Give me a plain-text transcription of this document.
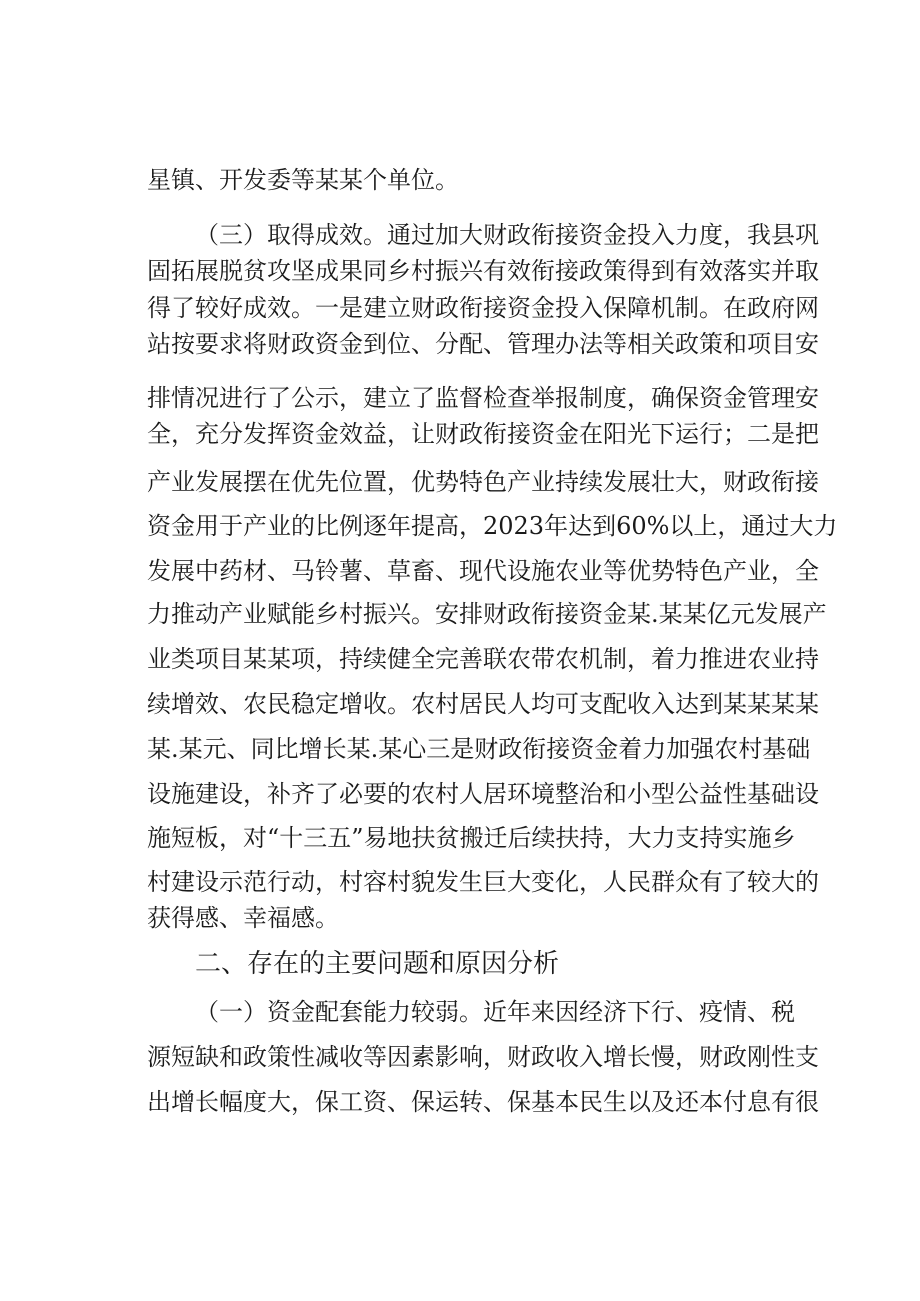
星镇、开发委等某某个单位。
（三）取得成效。通过加大财政衔接资金投入力度，我县巩
固拓展脱贫攻坚成果同乡村振兴有效衔接政策得到有效落实并取
得了较好成效。一是建立财政衔接资金投入保障机制。在政府网
站按要求将财政资金到位、分配、管理办法等相关政策和项目安
排情况进行了公示，建立了监督检查举报制度，确保资金管理安
全，充分发挥资金效益，让财政衔接资金在阳光下运行；二是把
产业发展摆在优先位置，优势特色产业持续发展壮大，财政衔接
资金用于产业的比例逐年提高，2023年达到60%以上，通过大力
发展中药材、马铃薯、草畜、现代设施农业等优势特色产业，全
力推动产业赋能乡村振兴。安排财政衔接资金某.某某亿元发展产
业类项目某某项，持续健全完善联农带农机制，着力推进农业持
续增效、农民稳定增收。农村居民人均可支配收入达到某某某某
某.某元、同比增长某.某心三是财政衔接资金着力加强农村基础
设施建设，补齐了必要的农村人居环境整治和小型公益性基础设
施短板，对“十三五”易地扶贫搬迁后续扶持，大力支持实施乡
村建设示范行动，村容村貌发生巨大变化，人民群众有了较大的
获得感、幸福感。
二、存在的主要问题和原因分析
（一）资金配套能力较弱。近年来因经济下行、疫情、税
源短缺和政策性减收等因素影响，财政收入增长慢，财政刚性支
出增长幅度大，保工资、保运转、保基本民生以及还本付息有很
